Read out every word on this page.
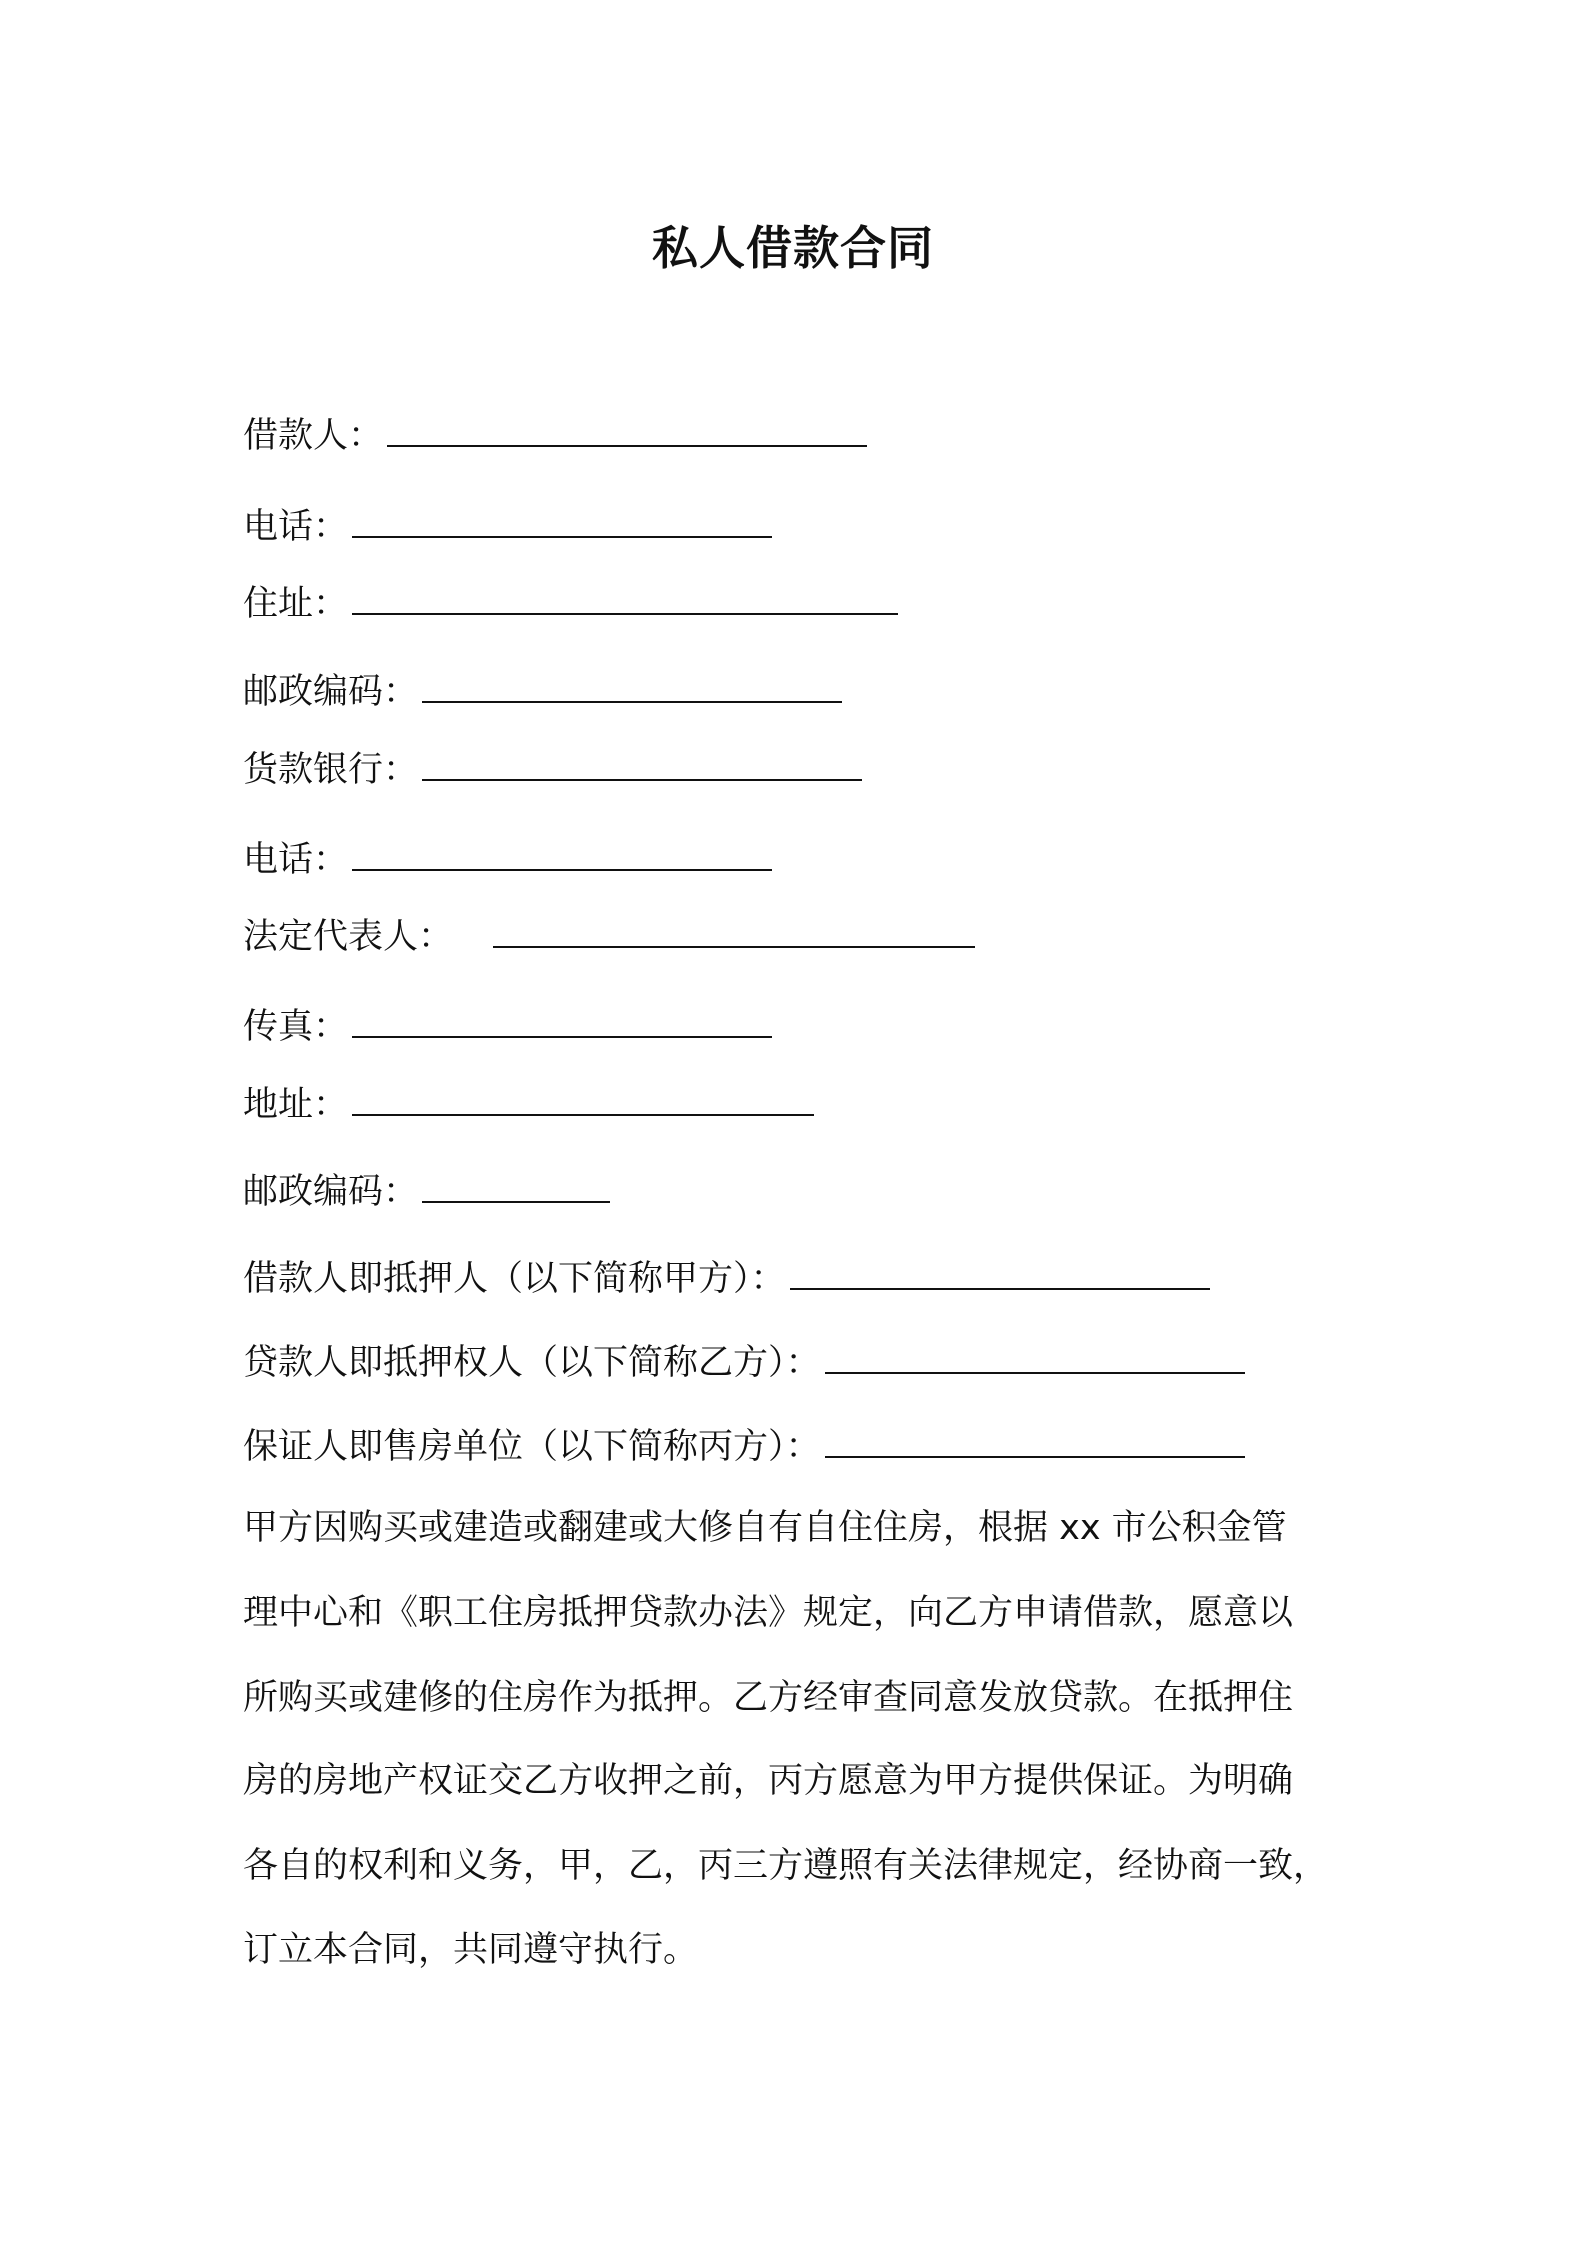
私人借款合同
借款人：
电话：
住址：
邮政编码：
货款银行：
电话：
法定代表人：
传真：
地址：
邮政编码：
借款人即抵押人（以下简称甲方）：
贷款人即抵押权人（以下简称乙方）：
保证人即售房单位（以下简称丙方）：
甲方因购买或建造或翻建或大修自有自住住房，根据 xx 市公积金管
理中心和《职工住房抵押贷款办法》规定，向乙方申请借款，愿意以
所购买或建修的住房作为抵押。乙方经审查同意发放贷款。在抵押住
房的房地产权证交乙方收押之前，丙方愿意为甲方提供保证。为明确
各自的权利和义务，甲，乙，丙三方遵照有关法律规定，经协商一致，
订立本合同，共同遵守执行。
